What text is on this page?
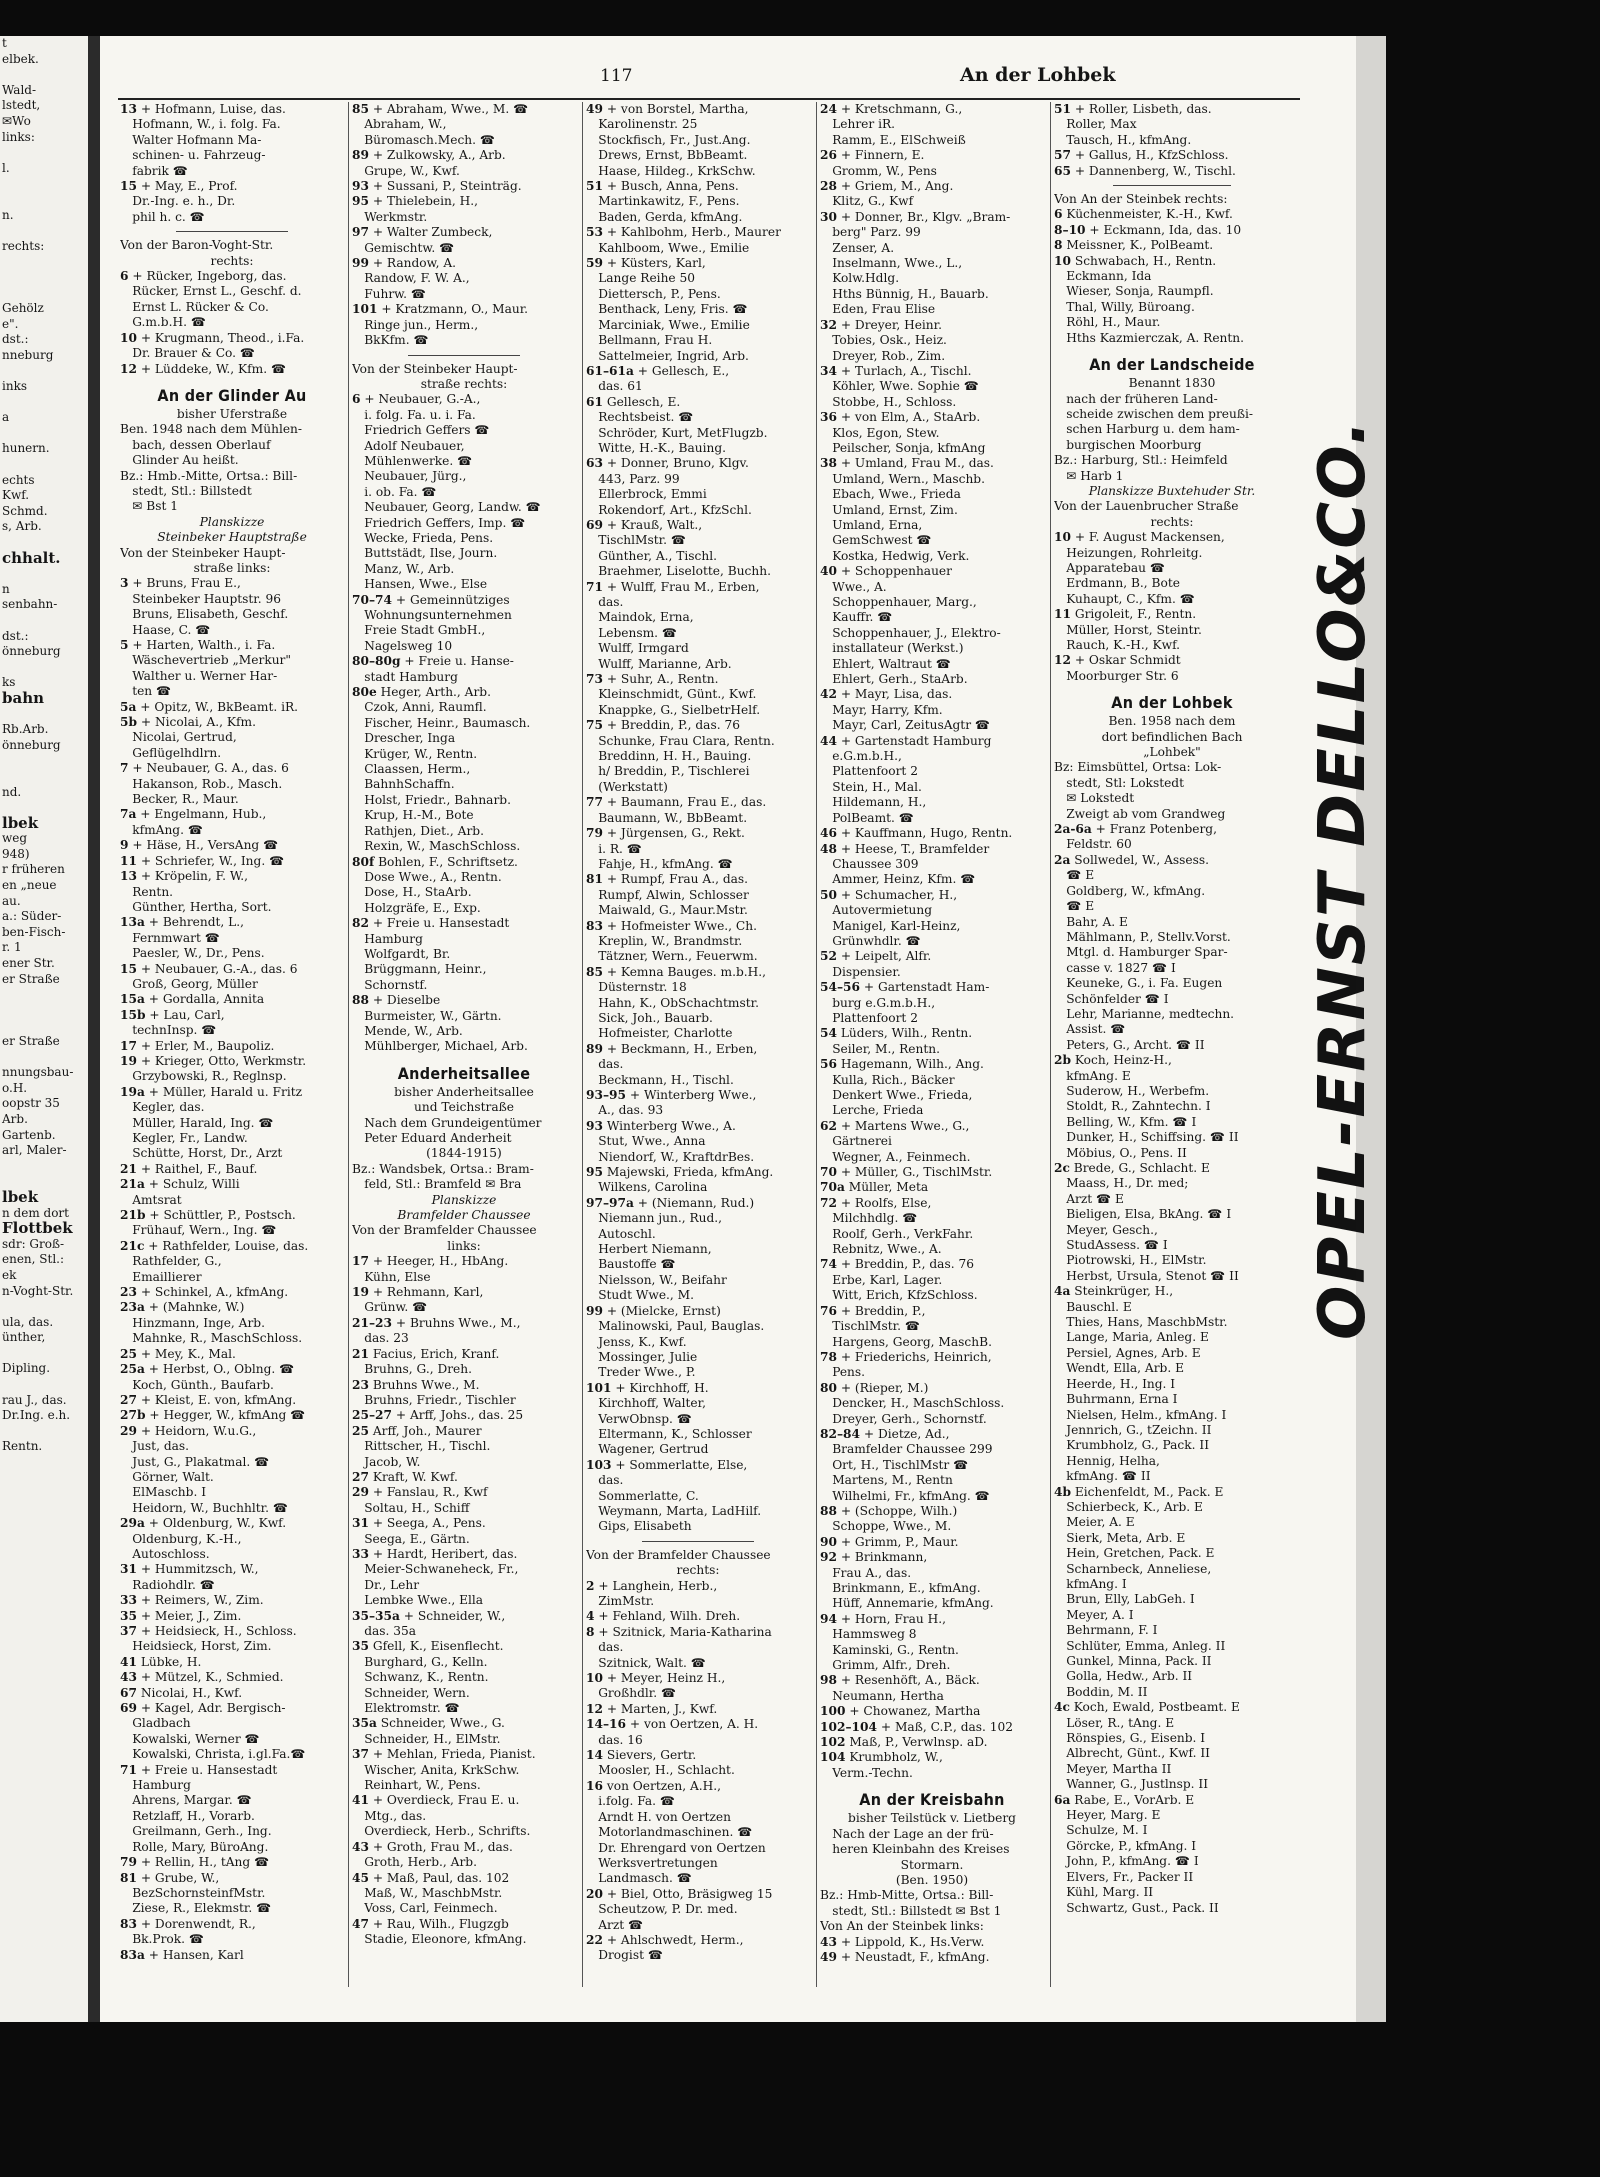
t
elbek.

Wald-
lstedt,
✉Wo
links:

l.

n.

rechts:

Gehölz
e".
dst.:
nneburg

inks

a

hunern.

echts
Kwf.
Schmd.
s, Arb.

chhalt.

n
senbahn-

dst.:
önneburg

ks
bahn

Rb.Arb.
önneburg

nd.

lbek
weg
948)
r früheren
en „neue
au.
a.: Süder-
ben-Fisch-
r. 1
ener Str.
er Straße

er Straße

nnungsbau-
o.H.
oopstr 35
Arb.
Gartenb.
arl, Maler-

lbek
n dem dort
Flottbek
sdr: Groß-
enen, Stl.:
ek
n-Voght-Str.

ula, das.
ünther,

Dipling.

rau J., das.
Dr.Ing. e.h.

Rentn.
117	An der Lohbek
13 + Hofmann, Luise, das.
 Hofmann, W., i. folg. Fa.
 Walter Hofmann Ma-
 schinen- u. Fahrzeug-
 fabrik ☎
15 + May, E., Prof.
 Dr.-Ing. e. h., Dr.
 phil h. c. ☎
Von der Baron-Voght-Str.
rechts:
6 + Rücker, Ingeborg, das.
 Rücker, Ernst L., Geschf. d.
 Ernst L. Rücker & Co.
 G.m.b.H. ☎
10 + Krugmann, Theod., i.Fa.
 Dr. Brauer & Co. ☎
12 + Lüddeke, W., Kfm. ☎
An der Glinder Au
bisher Uferstraße
Ben. 1948 nach dem Mühlen-
 bach, dessen Oberlauf
 Glinder Au heißt.
Bz.: Hmb.-Mitte, Ortsa.: Bill-
 stedt, Stl.: Billstedt
 ✉ Bst 1
Planskizze
Steinbeker Hauptstraße
Von der Steinbeker Haupt-
straße links:
3 + Bruns, Frau E.,
 Steinbeker Hauptstr. 96
 Bruns, Elisabeth, Geschf.
 Haase, C. ☎
5 + Harten, Walth., i. Fa.
 Wäschevertrieb „Merkur"
 Walther u. Werner Har-
 ten ☎
5a + Opitz, W., BkBeamt. iR.
5b + Nicolai, A., Kfm.
 Nicolai, Gertrud,
 Geflügelhdlrn.
7 + Neubauer, G. A., das. 6
 Hakanson, Rob., Masch.
 Becker, R., Maur.
7a + Engelmann, Hub.,
 kfmAng. ☎
9 + Häse, H., VersAng ☎
11 + Schriefer, W., Ing. ☎
13 + Kröpelin, F. W.,
 Rentn.
 Günther, Hertha, Sort.
13a + Behrendt, L.,
 Fernmwart ☎
 Paesler, W., Dr., Pens.
15 + Neubauer, G.-A., das. 6
 Groß, Georg, Müller
15a + Gordalla, Annita
15b + Lau, Carl,
 technInsp. ☎
17 + Erler, M., Baupoliz.
19 + Krieger, Otto, Werkmstr.
 Grzybowski, R., Reglnsp.
19a + Müller, Harald u. Fritz
 Kegler, das.
 Müller, Harald, Ing. ☎
 Kegler, Fr., Landw.
 Schütte, Horst, Dr., Arzt
21 + Raithel, F., Bauf.
21a + Schulz, Willi
 Amtsrat
21b + Schüttler, P., Postsch.
 Frühauf, Wern., Ing. ☎
21c + Rathfelder, Louise, das.
 Rathfelder, G.,
 Emaillierer
23 + Schinkel, A., kfmAng.
23a + (Mahnke, W.)
 Hinzmann, Inge, Arb.
 Mahnke, R., MaschSchloss.
25 + Mey, K., Mal.
25a + Herbst, O., Oblng. ☎
 Koch, Günth., Baufarb.
27 + Kleist, E. von, kfmAng.
27b + Hegger, W., kfmAng ☎
29 + Heidorn, W.u.G.,
 Just, das.
 Just, G., Plakatmal. ☎
 Görner, Walt.
 ElMaschb. I
 Heidorn, W., Buchhltr. ☎
29a + Oldenburg, W., Kwf.
 Oldenburg, K.-H.,
 Autoschloss.
31 + Hummitzsch, W.,
 Radiohdlr. ☎
33 + Reimers, W., Zim.
35 + Meier, J., Zim.
37 + Heidsieck, H., Schloss.
 Heidsieck, Horst, Zim.
41 Lübke, H.
43 + Mützel, K., Schmied.
67 Nicolai, H., Kwf.
69 + Kagel, Adr. Bergisch-
 Gladbach
 Kowalski, Werner ☎
 Kowalski, Christa, i.gl.Fa.☎
71 + Freie u. Hansestadt
 Hamburg
 Ahrens, Margar. ☎
 Retzlaff, H., Vorarb.
 Greilmann, Gerh., Ing.
 Rolle, Mary, BüroAng.
79 + Rellin, H., tAng ☎
81 + Grube, W.,
 BezSchornsteinfMstr.
 Ziese, R., Elekmstr. ☎
83 + Dorenwendt, R.,
 Bk.Prok. ☎
83a + Hansen, Karl
85 + Abraham, Wwe., M. ☎
 Abraham, W.,
 Büromasch.Mech. ☎
89 + Zulkowsky, A., Arb.
 Grupe, W., Kwf.
93 + Sussani, P., Steinträg.
95 + Thielebein, H.,
 Werkmstr.
97 + Walter Zumbeck,
 Gemischtw. ☎
99 + Randow, A.
 Randow, F. W. A.,
 Fuhrw. ☎
101 + Kratzmann, O., Maur.
 Ringe jun., Herm.,
 BkKfm. ☎
Von der Steinbeker Haupt-
straße rechts:
6 + Neubauer, G.-A.,
 i. folg. Fa. u. i. Fa.
 Friedrich Geffers ☎
 Adolf Neubauer,
 Mühlenwerke. ☎
 Neubauer, Jürg.,
 i. ob. Fa. ☎
 Neubauer, Georg, Landw. ☎
 Friedrich Geffers, Imp. ☎
 Wecke, Frieda, Pens.
 Buttstädt, Ilse, Journ.
 Manz, W., Arb.
 Hansen, Wwe., Else
70–74 + Gemeinnütziges
 Wohnungsunternehmen
 Freie Stadt GmbH.,
 Nagelsweg 10
80–80g + Freie u. Hanse-
 stadt Hamburg
80e Heger, Arth., Arb.
 Czok, Anni, Raumfl.
 Fischer, Heinr., Baumasch.
 Drescher, Inga
 Krüger, W., Rentn.
 Claassen, Herm.,
 BahnhSchaffn.
 Holst, Friedr., Bahnarb.
 Krup, H.-M., Bote
 Rathjen, Diet., Arb.
 Rexin, W., MaschSchloss.
80f Bohlen, F., Schriftsetz.
 Dose Wwe., A., Rentn.
 Dose, H., StaArb.
 Holzgräfe, E., Exp.
82 + Freie u. Hansestadt
 Hamburg
 Wolfgardt, Br.
 Brüggmann, Heinr.,
 Schornstf.
88 + Dieselbe
 Burmeister, W., Gärtn.
 Mende, W., Arb.
 Mühlberger, Michael, Arb.
Anderheitsallee
bisher Anderheitsallee
und Teichstraße
 Nach dem Grundeigentümer
 Peter Eduard Anderheit
(1844-1915)
Bz.: Wandsbek, Ortsa.: Bram-
 feld, Stl.: Bramfeld ✉ Bra
Planskizze
Bramfelder Chaussee
Von der Bramfelder Chaussee
links:
17 + Heeger, H., HbAng.
 Kühn, Else
19 + Rehmann, Karl,
 Grünw. ☎
21–23 + Bruhns Wwe., M.,
 das. 23
21 Facius, Erich, Kranf.
 Bruhns, G., Dreh.
23 Bruhns Wwe., M.
 Bruhns, Friedr., Tischler
25–27 + Arff, Johs., das. 25
25 Arff, Joh., Maurer
 Rittscher, H., Tischl.
 Jacob, W.
27 Kraft, W. Kwf.
29 + Fanslau, R., Kwf
 Soltau, H., Schiff
31 + Seega, A., Pens.
 Seega, E., Gärtn.
33 + Hardt, Heribert, das.
 Meier-Schwaneheck, Fr.,
 Dr., Lehr
 Lembke Wwe., Ella
35–35a + Schneider, W.,
 das. 35a
35 Gfell, K., Eisenflecht.
 Burghard, G., Kelln.
 Schwanz, K., Rentn.
 Schneider, Wern.
 Elektromstr. ☎
35a Schneider, Wwe., G.
 Schneider, H., ElMstr.
37 + Mehlan, Frieda, Pianist.
 Wischer, Anita, KrkSchw.
 Reinhart, W., Pens.
41 + Overdieck, Frau E. u.
 Mtg., das.
 Overdieck, Herb., Schrifts.
43 + Groth, Frau M., das.
 Groth, Herb., Arb.
45 + Maß, Paul, das. 102
 Maß, W., MaschbMstr.
 Voss, Carl, Feinmech.
47 + Rau, Wilh., Flugzgb
 Stadie, Eleonore, kfmAng.
49 + von Borstel, Martha,
 Karolinenstr. 25
 Stockfisch, Fr., Just.Ang.
 Drews, Ernst, BbBeamt.
 Haase, Hildeg., KrkSchw.
51 + Busch, Anna, Pens.
 Martinkawitz, F., Pens.
 Baden, Gerda, kfmAng.
53 + Kahlbohm, Herb., Maurer
 Kahlboom, Wwe., Emilie
59 + Küsters, Karl,
 Lange Reihe 50
 Diettersch, P., Pens.
 Benthack, Leny, Fris. ☎
 Marciniak, Wwe., Emilie
 Bellmann, Frau H.
 Sattelmeier, Ingrid, Arb.
61–61a + Gellesch, E.,
 das. 61
61 Gellesch, E.
 Rechtsbeist. ☎
 Schröder, Kurt, MetFlugzb.
 Witte, H.-K., Bauing.
63 + Donner, Bruno, Klgv.
 443, Parz. 99
 Ellerbrock, Emmi
 Rokendorf, Art., KfzSchl.
69 + Krauß, Walt.,
 TischlMstr. ☎
 Günther, A., Tischl.
 Braehmer, Liselotte, Buchh.
71 + Wulff, Frau M., Erben,
 das.
 Maindok, Erna,
 Lebensm. ☎
 Wulff, Irmgard
 Wulff, Marianne, Arb.
73 + Suhr, A., Rentn.
 Kleinschmidt, Günt., Kwf.
 Knappke, G., SielbetrHelf.
75 + Breddin, P., das. 76
 Schunke, Frau Clara, Rentn.
 Breddinn, H. H., Bauing.
 h/ Breddin, P., Tischlerei
 (Werkstatt)
77 + Baumann, Frau E., das.
 Baumann, W., BbBeamt.
79 + Jürgensen, G., Rekt.
 i. R. ☎
 Fahje, H., kfmAng. ☎
81 + Rumpf, Frau A., das.
 Rumpf, Alwin, Schlosser
 Maiwald, G., Maur.Mstr.
83 + Hofmeister Wwe., Ch.
 Kreplin, W., Brandmstr.
 Tätzner, Wern., Feuerwm.
85 + Kemna Bauges. m.b.H.,
 Düsternstr. 18
 Hahn, K., ObSchachtmstr.
 Sick, Joh., Bauarb.
 Hofmeister, Charlotte
89 + Beckmann, H., Erben,
 das.
 Beckmann, H., Tischl.
93–95 + Winterberg Wwe.,
 A., das. 93
93 Winterberg Wwe., A.
 Stut, Wwe., Anna
 Niendorf, W., KraftdrBes.
95 Majewski, Frieda, kfmAng.
 Wilkens, Carolina
97–97a + (Niemann, Rud.)
 Niemann jun., Rud.,
 Autoschl.
 Herbert Niemann,
 Baustoffe ☎
 Nielsson, W., Beifahr
 Studt Wwe., M.
99 + (Mielcke, Ernst)
 Malinowski, Paul, Bauglas.
 Jenss, K., Kwf.
 Mossinger, Julie
 Treder Wwe., P.
101 + Kirchhoff, H.
 Kirchhoff, Walter,
 VerwObnsp. ☎
 Eltermann, K., Schlosser
 Wagener, Gertrud
103 + Sommerlatte, Else,
 das.
 Sommerlatte, C.
 Weymann, Marta, LadHilf.
 Gips, Elisabeth
Von der Bramfelder Chaussee
rechts:
2 + Langhein, Herb.,
 ZimMstr.
4 + Fehland, Wilh. Dreh.
8 + Szitnick, Maria-Katharina
 das.
 Szitnick, Walt. ☎
10 + Meyer, Heinz H.,
 Großhdlr. ☎
12 + Marten, J., Kwf.
14–16 + von Oertzen, A. H.
 das. 16
14 Sievers, Gertr.
 Moosler, H., Schlacht.
16 von Oertzen, A.H.,
 i.folg. Fa. ☎
 Arndt H. von Oertzen
 Motorlandmaschinen. ☎
 Dr. Ehrengard von Oertzen
 Werksvertretungen
 Landmasch. ☎
20 + Biel, Otto, Bräsigweg 15
 Scheutzow, P. Dr. med.
 Arzt ☎
22 + Ahlschwedt, Herm.,
 Drogist ☎
24 + Kretschmann, G.,
 Lehrer iR.
 Ramm, E., ElSchweiß
26 + Finnern, E.
 Gromm, W., Pens
28 + Griem, M., Ang.
 Klitz, G., Kwf
30 + Donner, Br., Klgv. „Bram-
 berg" Parz. 99
 Zenser, A.
 Inselmann, Wwe., L.,
 Kolw.Hdlg.
 Hths Bünnig, H., Bauarb.
 Eden, Frau Elise
32 + Dreyer, Heinr.
 Tobies, Osk., Heiz.
 Dreyer, Rob., Zim.
34 + Turlach, A., Tischl.
 Köhler, Wwe. Sophie ☎
 Stobbe, H., Schloss.
36 + von Elm, A., StaArb.
 Klos, Egon, Stew.
 Peilscher, Sonja, kfmAng
38 + Umland, Frau M., das.
 Umland, Wern., Maschb.
 Ebach, Wwe., Frieda
 Umland, Ernst, Zim.
 Umland, Erna,
 GemSchwest ☎
 Kostka, Hedwig, Verk.
40 + Schoppenhauer
 Wwe., A.
 Schoppenhauer, Marg.,
 Kauffr. ☎
 Schoppenhauer, J., Elektro-
 installateur (Werkst.)
 Ehlert, Waltraut ☎
 Ehlert, Gerh., StaArb.
42 + Mayr, Lisa, das.
 Mayr, Harry, Kfm.
 Mayr, Carl, ZeitusAgtr ☎
44 + Gartenstadt Hamburg
 e.G.m.b.H.,
 Plattenfoort 2
 Stein, H., Mal.
 Hildemann, H.,
 PolBeamt. ☎
46 + Kauffmann, Hugo, Rentn.
48 + Heese, T., Bramfelder
 Chaussee 309
 Ammer, Heinz, Kfm. ☎
50 + Schumacher, H.,
 Autovermietung
 Manigel, Karl-Heinz,
 Grünwhdlr. ☎
52 + Leipelt, Alfr.
 Dispensier.
54–56 + Gartenstadt Ham-
 burg e.G.m.b.H.,
 Plattenfoort 2
54 Lüders, Wilh., Rentn.
 Seiler, M., Rentn.
56 Hagemann, Wilh., Ang.
 Kulla, Rich., Bäcker
 Denkert Wwe., Frieda,
 Lerche, Frieda
62 + Martens Wwe., G.,
 Gärtnerei
 Wegner, A., Feinmech.
70 + Müller, G., TischlMstr.
70a Müller, Meta
72 + Roolfs, Else,
 Milchhdlg. ☎
 Roolf, Gerh., VerkFahr.
 Rebnitz, Wwe., A.
74 + Breddin, P., das. 76
 Erbe, Karl, Lager.
 Witt, Erich, KfzSchloss.
76 + Breddin, P.,
 TischlMstr. ☎
 Hargens, Georg, MaschB.
78 + Friederichs, Heinrich,
 Pens.
80 + (Rieper, M.)
 Dencker, H., MaschSchloss.
 Dreyer, Gerh., Schornstf.
82–84 + Dietze, Ad.,
 Bramfelder Chaussee 299
 Ort, H., TischlMstr ☎
 Martens, M., Rentn
 Wilhelmi, Fr., kfmAng. ☎
88 + (Schoppe, Wilh.)
 Schoppe, Wwe., M.
90 + Grimm, P., Maur.
92 + Brinkmann,
 Frau A., das.
 Brinkmann, E., kfmAng.
 Hüff, Annemarie, kfmAng.
94 + Horn, Frau H.,
 Hammsweg 8
 Kaminski, G., Rentn.
 Grimm, Alfr., Dreh.
98 + Resenhöft, A., Bäck.
 Neumann, Hertha
100 + Chowanez, Martha
102–104 + Maß, C.P., das. 102
102 Maß, P., Verwlnsp. aD.
104 Krumbholz, W.,
 Verm.-Techn.
An der Kreisbahn
bisher Teilstück v. Lietberg
 Nach der Lage an der frü-
 heren Kleinbahn des Kreises
Stormarn.
(Ben. 1950)
Bz.: Hmb-Mitte, Ortsa.: Bill-
 stedt, Stl.: Billstedt ✉ Bst 1
Von An der Steinbek links:
43 + Lippold, K., Hs.Verw.
49 + Neustadt, F., kfmAng.
51 + Roller, Lisbeth, das.
 Roller, Max
 Tausch, H., kfmAng.
57 + Gallus, H., KfzSchloss.
65 + Dannenberg, W., Tischl.
Von An der Steinbek rechts:
6 Küchenmeister, K.-H., Kwf.
8–10 + Eckmann, Ida, das. 10
8 Meissner, K., PolBeamt.
10 Schwabach, H., Rentn.
 Eckmann, Ida
 Wieser, Sonja, Raumpfl.
 Thal, Willy, Büroang.
 Röhl, H., Maur.
 Hths Kazmierczak, A. Rentn.
An der Landscheide
Benannt 1830
 nach der früheren Land-
 scheide zwischen dem preußi-
 schen Harburg u. dem ham-
 burgischen Moorburg
Bz.: Harburg, Stl.: Heimfeld
 ✉ Harb 1
Planskizze Buxtehuder Str.
Von der Lauenbrucher Straße
rechts:
10 + F. August Mackensen,
 Heizungen, Rohrleitg.
 Apparatebau ☎
 Erdmann, B., Bote
 Kuhaupt, C., Kfm. ☎
11 Grigoleit, F., Rentn.
 Müller, Horst, Steintr.
 Rauch, K.-H., Kwf.
12 + Oskar Schmidt
 Moorburger Str. 6
An der Lohbek
Ben. 1958 nach dem
dort befindlichen Bach
„Lohbek"
Bz: Eimsbüttel, Ortsa: Lok-
 stedt, Stl: Lokstedt
 ✉ Lokstedt
 Zweigt ab vom Grandweg
2a-6a + Franz Potenberg,
 Feldstr. 60
2a Sollwedel, W., Assess.
 ☎ E
 Goldberg, W., kfmAng.
 ☎ E
 Bahr, A. E
 Mählmann, P., Stellv.Vorst.
 Mtgl. d. Hamburger Spar-
 casse v. 1827 ☎ I
 Keuneke, G., i. Fa. Eugen
 Schönfelder ☎ I
 Lehr, Marianne, medtechn.
 Assist. ☎
 Peters, G., Archt. ☎ II
2b Koch, Heinz-H.,
 kfmAng. E
 Suderow, H., Werbefm.
 Stoldt, R., Zahntechn. I
 Belling, W., Kfm. ☎ I
 Dunker, H., Schiffsing. ☎ II
 Möbius, O., Pens. II
2c Brede, G., Schlacht. E
 Maass, H., Dr. med;
 Arzt ☎ E
 Bieligen, Elsa, BkAng. ☎ I
 Meyer, Gesch.,
 StudAssess. ☎ I
 Piotrowski, H., ElMstr.
 Herbst, Ursula, Stenot ☎ II
4a Steinkrüger, H.,
 Bauschl. E
 Thies, Hans, MaschbMstr.
 Lange, Maria, Anleg. E
 Persiel, Agnes, Arb. E
 Wendt, Ella, Arb. E
 Heerde, H., Ing. I
 Buhrmann, Erna I
 Nielsen, Helm., kfmAng. I
 Jennrich, G., tZeichn. II
 Krumbholz, G., Pack. II
 Hennig, Helha,
 kfmAng. ☎ II
4b Eichenfeldt, M., Pack. E
 Schierbeck, K., Arb. E
 Meier, A. E
 Sierk, Meta, Arb. E
 Hein, Gretchen, Pack. E
 Scharnbeck, Anneliese,
 kfmAng. I
 Brun, Elly, LabGeh. I
 Meyer, A. I
 Behrmann, F. I
 Schlüter, Emma, Anleg. II
 Gunkel, Minna, Pack. II
 Golla, Hedw., Arb. II
 Boddin, M. II
4c Koch, Ewald, Postbeamt. E
 Löser, R., tAng. E
 Rönspies, G., Eisenb. I
 Albrecht, Günt., Kwf. II
 Meyer, Martha II
 Wanner, G., Justlnsp. II
6a Rabe, E., VorArb. E
 Heyer, Marg. E
 Schulze, M. I
 Görcke, P., kfmAng. I
 John, P., kfmAng. ☎ I
 Elvers, Fr., Packer II
 Kühl, Marg. II
 Schwartz, Gust., Pack. II
OPEL-ERNST DELLO&CO.
